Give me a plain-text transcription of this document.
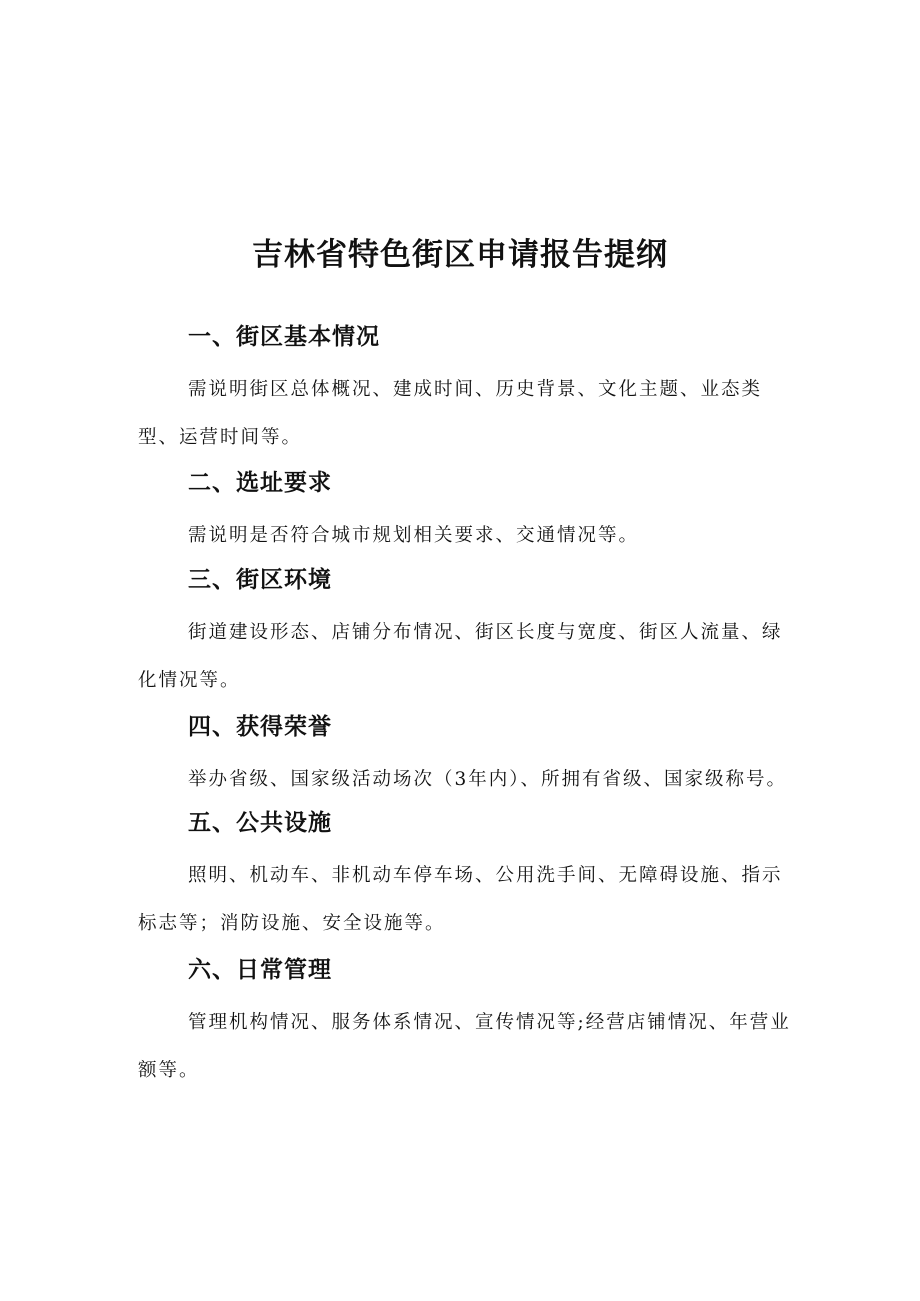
吉林省特色街区申请报告提纲
一、街区基本情况

需说明街区总体概况、建成时间、历史背景、文化主题、业态类型、运营时间等。

二、选址要求

需说明是否符合城市规划相关要求、交通情况等。

三、街区环境

街道建设形态、店铺分布情况、街区长度与宽度、街区人流量、绿化情况等。

四、获得荣誉

举办省级、国家级活动场次（3年内）、所拥有省级、国家级称号。

五、公共设施

照明、机动车、非机动车停车场、公用洗手间、无障碍设施、指示标志等；消防设施、安全设施等。

六、日常管理

管理机构情况、服务体系情况、宣传情况等;经营店铺情况、年营业额等。
